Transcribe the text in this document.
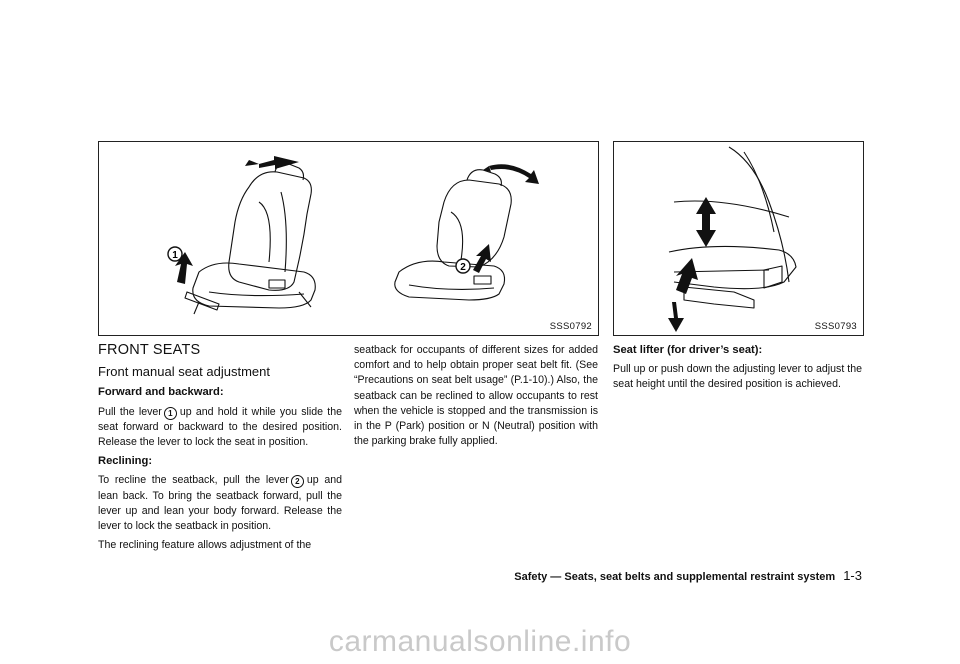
1
2
SSS0792	SSS0793
FRONT SEATS
Front manual seat adjustment
Forward and backward:

Pull the lever 1 up and hold it while you slide the seat forward or backward to the desired position. Release the lever to lock the seat in position.

Reclining:

To recline the seatback, pull the lever 2 up and lean back. To bring the seatback forward, pull the lever up and lean your body forward. Release the lever to lock the seatback in position.

The reclining feature allows adjustment of the

seatback for occupants of different sizes for added comfort and to help obtain proper seat belt fit. (See “Precautions on seat belt usage” (P.1-10).) Also, the seatback can be reclined to allow occupants to rest when the vehicle is stopped and the transmission is in the P (Park) position or N (Neutral) position with the parking brake fully applied.

Seat lifter (for driver’s seat):

Pull up or push down the adjusting lever to adjust the seat height until the desired position is achieved.

Safety — Seats, seat belts and supplemental restraint system 1-3
carmanualsonline.info
